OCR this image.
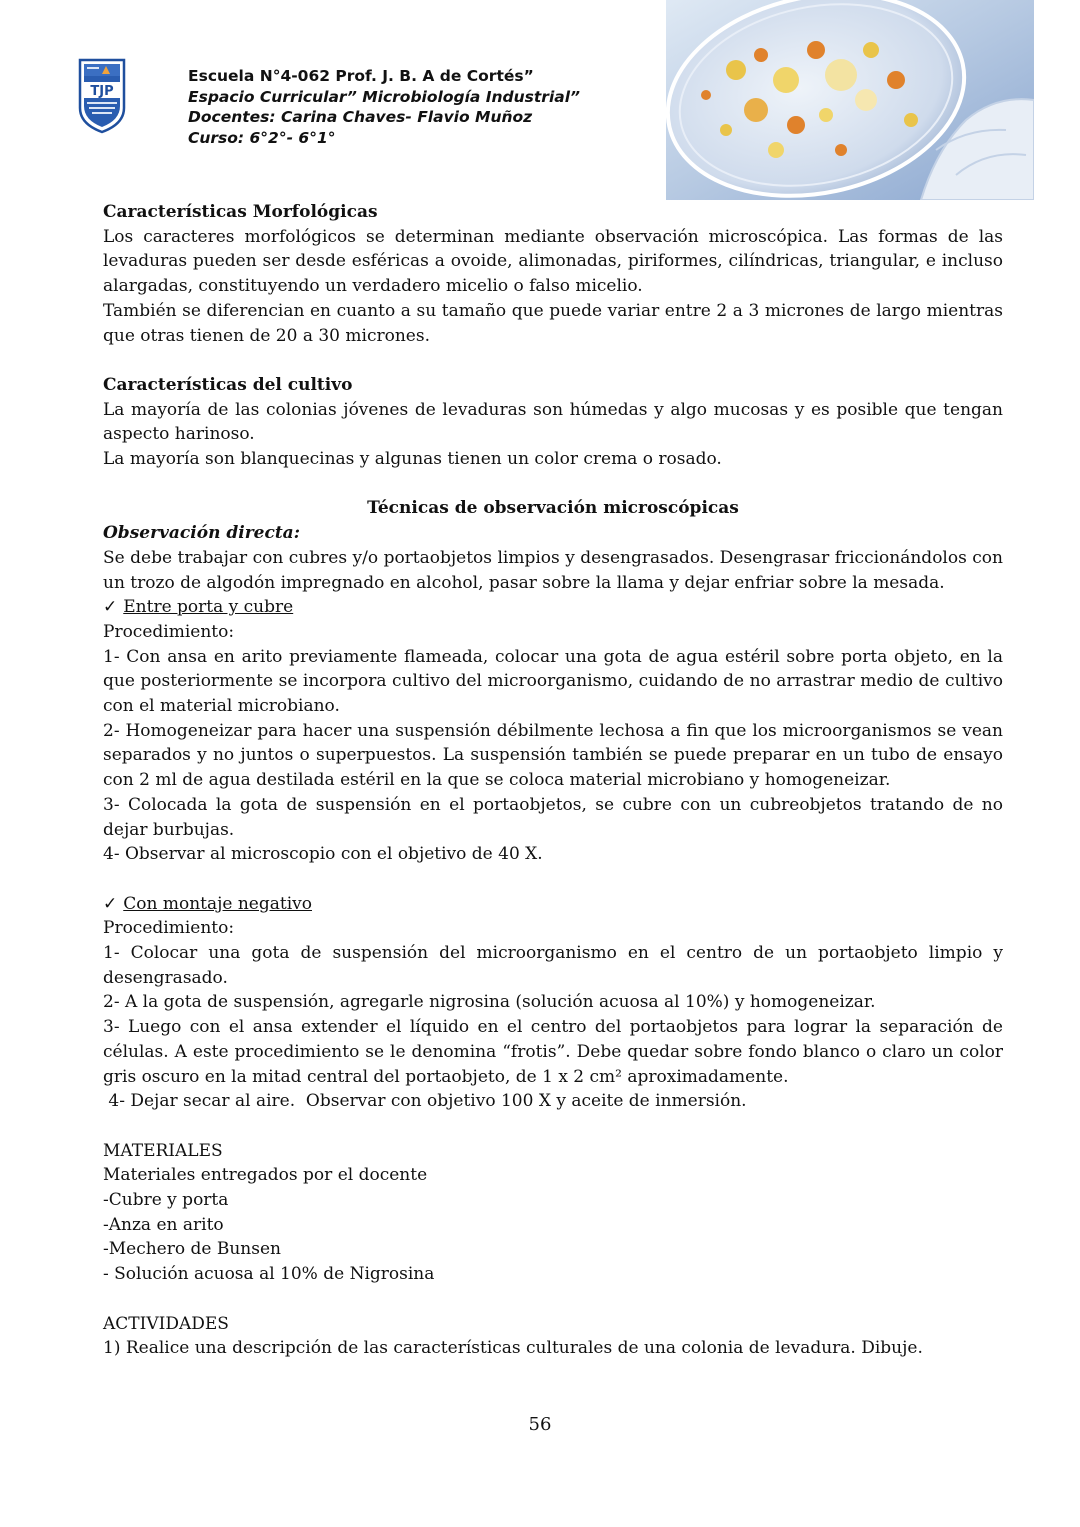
TJP
Escuela N°4-062 Prof. J. B. A de Cortés”
Espacio Curricular” Microbiología Industrial”
Docentes: Carina Chaves- Flavio Muñoz
Curso: 6°2°- 6°1°

Características Morfológicas

Los caracteres morfológicos se determinan mediante observación microscópica. Las formas de las levaduras pueden ser desde esféricas a ovoide, alimonadas, piriformes, cilíndricas, triangular, e incluso alargadas, constituyendo un verdadero micelio o falso micelio.

También se diferencian en cuanto a su tamaño que puede variar entre 2 a 3 micrones de largo mientras que otras tienen de 20 a 30 micrones.

Características del cultivo

La mayoría de las colonias jóvenes de levaduras son húmedas y algo mucosas y es posible que tengan aspecto harinoso.

La mayoría son blanquecinas y algunas tienen un color crema o rosado.

Técnicas de observación microscópicas

Observación directa:

Se debe trabajar con cubres y/o portaobjetos limpios y desengrasados. Desengrasar friccionándolos con un trozo de algodón impregnado en alcohol, pasar sobre la llama y dejar enfriar sobre la mesada.

✓ Entre porta y cubre

Procedimiento:

1- Con ansa en arito previamente flameada, colocar una gota de agua estéril sobre porta objeto, en la que posteriormente se incorpora cultivo del microorganismo, cuidando de no arrastrar medio de cultivo con el material microbiano.

2- Homogeneizar para hacer una suspensión débilmente lechosa a fin que los microorganismos se vean separados y no juntos o superpuestos. La suspensión también se puede preparar en un tubo de ensayo con 2 ml de agua destilada estéril en la que se coloca material microbiano y homogeneizar.

3- Colocada la gota de suspensión en el portaobjetos, se cubre con un cubreobjetos tratando de no dejar burbujas.

4- Observar al microscopio con el objetivo de 40 X.

✓ Con montaje negativo

Procedimiento:

1- Colocar una gota de suspensión del microorganismo en el centro de un portaobjeto limpio y desengrasado.

2- A la gota de suspensión, agregarle nigrosina (solución acuosa al 10%) y homogeneizar.

3- Luego con el ansa extender el líquido en el centro del portaobjetos para lograr la separación de células. A este procedimiento se le denomina “frotis”. Debe quedar sobre fondo blanco o claro un color gris oscuro en la mitad central del portaobjeto, de 1 x 2 cm² aproximadamente.

4- Dejar secar al aire.  Observar con objetivo 100 X y aceite de inmersión.

MATERIALES

Materiales entregados por el docente

-Cubre y porta

-Anza en arito

-Mechero de Bunsen

- Solución acuosa al 10% de Nigrosina

ACTIVIDADES

1) Realice una descripción de las características culturales de una colonia de levadura. Dibuje.

56
